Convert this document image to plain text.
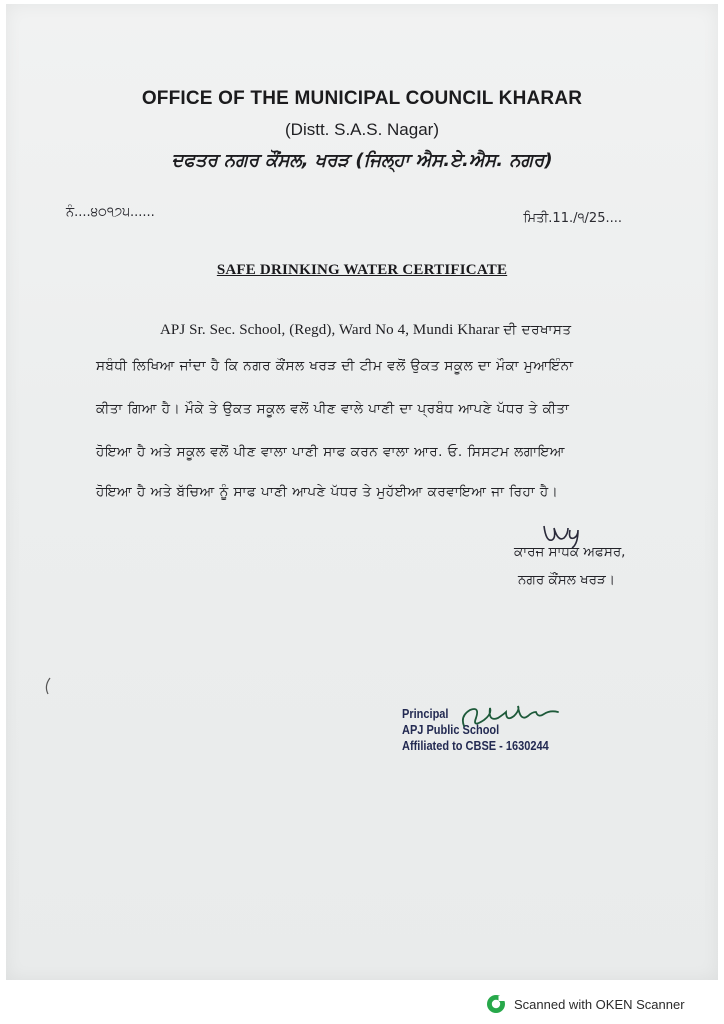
OFFICE OF THE MUNICIPAL COUNCIL KHARAR
(Distt. S.A.S. Nagar)
ਦਫਤਰ ਨਗਰ ਕੌਂਸਲ, ਖਰੜ (ਜਿਲ੍ਹਾ ਐਸ.ਏ.ਐਸ. ਨਗਰ)
ਨੰ....੪੦੧੭੫......	ਮਿਤੀ.11./੧/25....
SAFE DRINKING WATER CERTIFICATE
APJ Sr. Sec. School, (Regd), Ward No 4, Mundi Kharar ਦੀ ਦਰਖਾਸਤ
ਸਬੰਧੀ ਲਿਖਿਆ ਜਾਂਦਾ ਹੈ ਕਿ ਨਗਰ ਕੌਂਸਲ ਖਰੜ ਦੀ ਟੀਮ ਵਲੋਂ ਉਕਤ ਸਕੂਲ ਦਾ ਮੌਕਾ ਮੁਆਇੰਨਾ
ਕੀਤਾ ਗਿਆ ਹੈ। ਮੌਕੇ ਤੇ ਉਕਤ ਸਕੂਲ ਵਲੋਂ ਪੀਣ ਵਾਲੇ ਪਾਣੀ ਦਾ ਪ੍ਰਬੰਧ ਆਪਣੇ ਪੱਧਰ ਤੇ ਕੀਤਾ
ਹੋਇਆ ਹੈ ਅਤੇ ਸਕੂਲ ਵਲੋਂ ਪੀਣ ਵਾਲਾ ਪਾਣੀ ਸਾਫ ਕਰਨ ਵਾਲਾ ਆਰ. ਓ. ਸਿਸਟਮ ਲਗਾਇਆ
ਹੋਇਆ ਹੈ ਅਤੇ ਬੱਚਿਆ ਨੂੰ ਸਾਫ ਪਾਣੀ ਆਪਣੇ ਪੱਧਰ ਤੇ ਮੁਹੱਈਆ ਕਰਵਾਇਆ ਜਾ ਰਿਹਾ ਹੈ।
ਕਾਰਜ ਸਾਧਕ ਅਫਸਰ,
ਨਗਰ ਕੌਂਸਲ ਖਰੜ।
Principal
APJ Public School
Affiliated to CBSE - 1630244
Scanned with OKEN Scanner
